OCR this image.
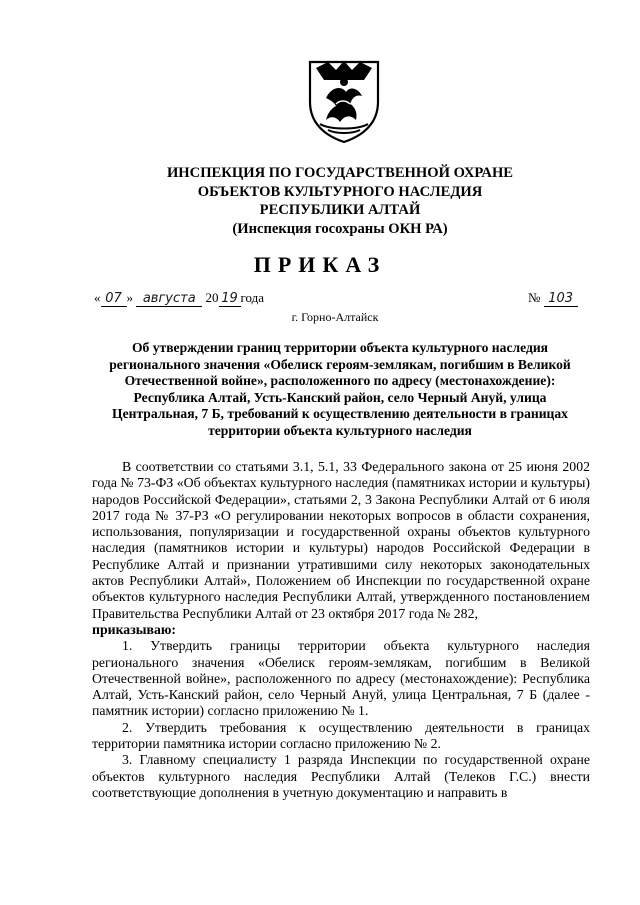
ИНСПЕКЦИЯ ПО ГОСУДАРСТВЕННОЙ ОХРАНЕ
ОБЪЕКТОВ КУЛЬТУРНОГО НАСЛЕДИЯ
РЕСПУБЛИКИ АЛТАЙ
(Инспекция госохраны ОКН РА)
ПРИКАЗ
« 07 » августа 20 19 года	№ 103
г. Горно-Алтайск
Об утверждении границ территории объекта культурного наследия регионального значения «Обелиск героям-землякам, погибшим в Великой Отечественной войне», расположенного по адресу (местонахождение): Республика Алтай, Усть-Канский район, село Черный Ануй, улица Центральная, 7 Б, требований к осуществлению деятельности в границах территории объекта культурного наследия

В соответствии со статьями 3.1, 5.1, 33 Федерального закона от 25 июня 2002 года № 73-ФЗ «Об объектах культурного наследия (памятниках истории и культуры) народов Российской Федерации», статьями 2, 3 Закона Республики Алтай от 6 июля 2017 года № 37-РЗ «О регулировании некоторых вопросов в области сохранения, использования, популяризации и государственной охраны объектов культурного наследия (памятников истории и культуры) народов Российской Федерации в Республике Алтай и признании утратившими силу некоторых законодательных актов Республики Алтай», Положением об Инспекции по государственной охране объектов культурного наследия Республики Алтай, утвержденного постановлением Правительства Республики Алтай от 23 октября 2017 года № 282,
приказываю:

1. Утвердить границы территории объекта культурного наследия регионального значения «Обелиск героям-землякам, погибшим в Великой Отечественной войне», расположенного по адресу (местонахождение): Республика Алтай, Усть-Канский район, село Черный Ануй, улица Центральная, 7 Б (далее - памятник истории) согласно приложению № 1.

2. Утвердить требования к осуществлению деятельности в границах территории памятника истории согласно приложению № 2.

3. Главному специалисту 1 разряда Инспекции по государственной охране объектов культурного наследия Республики Алтай (Телеков Г.С.) внести соответствующие дополнения в учетную документацию и направить в
